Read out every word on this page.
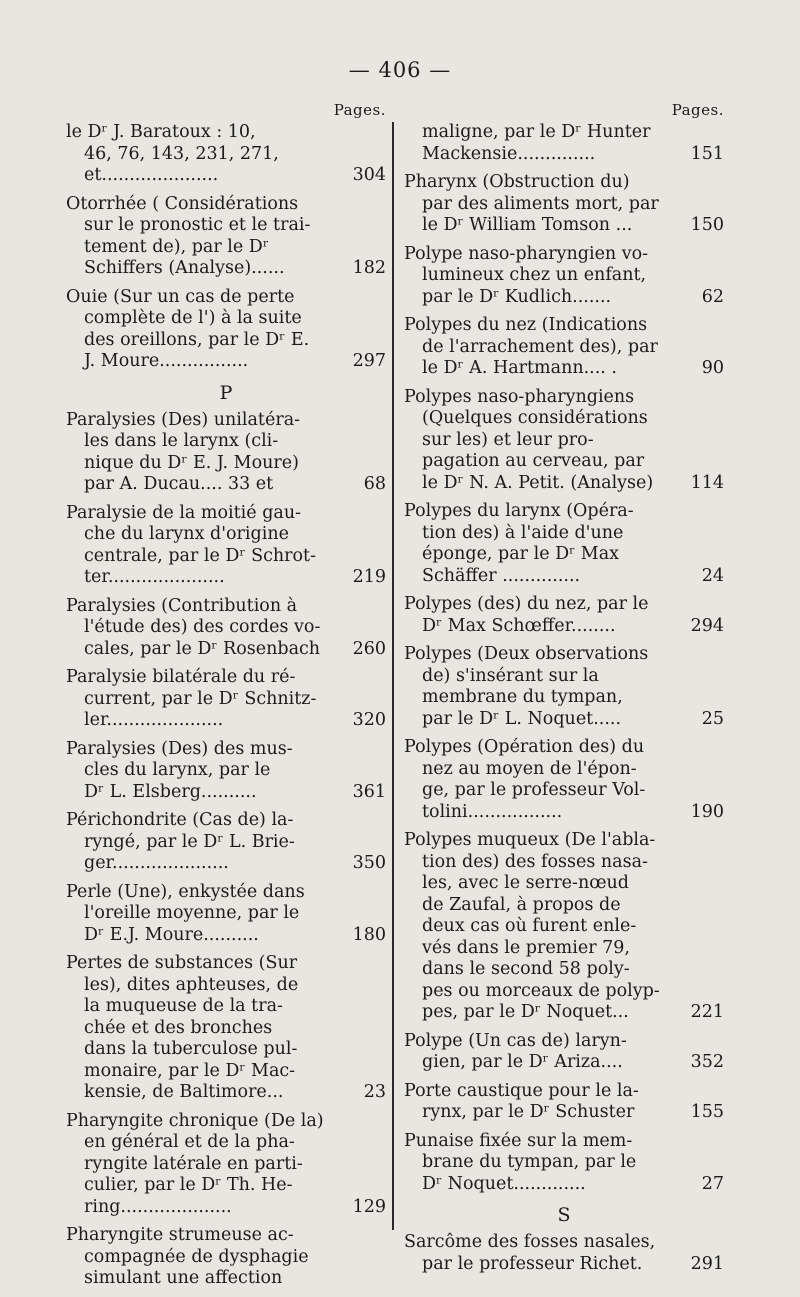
— 406 —
Pages.
le Dʳ J. Baratoux : 10,
46, 76, 143, 231, 271,
et.....................	304
Otorrhée ( Considérations
sur le pronostic et le trai-
tement de), par le Dʳ
Schiffers (Analyse)......	182
Ouie (Sur un cas de perte
complète de l') à la suite
des oreillons, par le Dʳ E.
J. Moure................	297
P
Paralysies (Des) unilatéra-
les dans le larynx (cli-
nique du Dʳ E. J. Moure)
par A. Ducau.... 33 et	68
Paralysie de la moitié gau-
che du larynx d'origine
centrale, par le Dʳ Schrot-
ter.....................	219
Paralysies (Contribution à
l'étude des) des cordes vo-
cales, par le Dʳ Rosenbach	260
Paralysie bilatérale du ré-
current, par le Dʳ Schnitz-
ler.....................	320
Paralysies (Des) des mus-
cles du larynx, par le
Dʳ L. Elsberg..........	361
Périchondrite (Cas de) la-
ryngé, par le Dʳ L. Brie-
ger.....................	350
Perle (Une), enkystée dans
l'oreille moyenne, par le
Dʳ E.J. Moure..........	180
Pertes de substances (Sur
les), dites aphteuses, de
la muqueuse de la tra-
chée et des bronches
dans la tuberculose pul-
monaire, par le Dʳ Mac-
kensie, de Baltimore...	23
Pharyngite chronique (De la)
en général et de la pha-
ryngite latérale en parti-
culier, par le Dʳ Th. He-
ring....................	129
Pharyngite strumeuse ac-
compagnée de dysphagie
simulant une affection
Pages.
maligne, par le Dʳ Hunter
Mackensie..............	151
Pharynx (Obstruction du)
par des aliments mort, par
le Dʳ William Tomson ...	150
Polype naso-pharyngien vo-
lumineux chez un enfant,
par le Dʳ Kudlich.......	62
Polypes du nez (Indications
de l'arrachement des), par
le Dʳ A. Hartmann.... .	90
Polypes naso-pharyngiens
(Quelques considérations
sur les) et leur pro-
pagation au cerveau, par
le Dʳ N. A. Petit. (Analyse)	114
Polypes du larynx (Opéra-
tion des) à l'aide d'une
éponge, par le Dʳ Max
Schäffer ..............	24
Polypes (des) du nez, par le
Dʳ Max Schœffer........	294
Polypes (Deux observations
de) s'insérant sur la
membrane du tympan,
par le Dʳ L. Noquet.....	25
Polypes (Opération des) du
nez au moyen de l'épon-
ge, par le professeur Vol-
tolini.................	190
Polypes muqueux (De l'abla-
tion des) des fosses nasa-
les, avec le serre-nœud
de Zaufal, à propos de
deux cas où furent enle-
vés dans le premier 79,
dans le second 58 poly-
pes ou morceaux de polyp-
pes, par le Dʳ Noquet...	221
Polype (Un cas de) laryn-
gien, par le Dʳ Ariza....	352
Porte caustique pour le la-
rynx, par le Dʳ Schuster	155
Punaise fixée sur la mem-
brane du tympan, par le
Dʳ Noquet.............	27
S
Sarcôme des fosses nasales,
par le professeur Richet.	291
